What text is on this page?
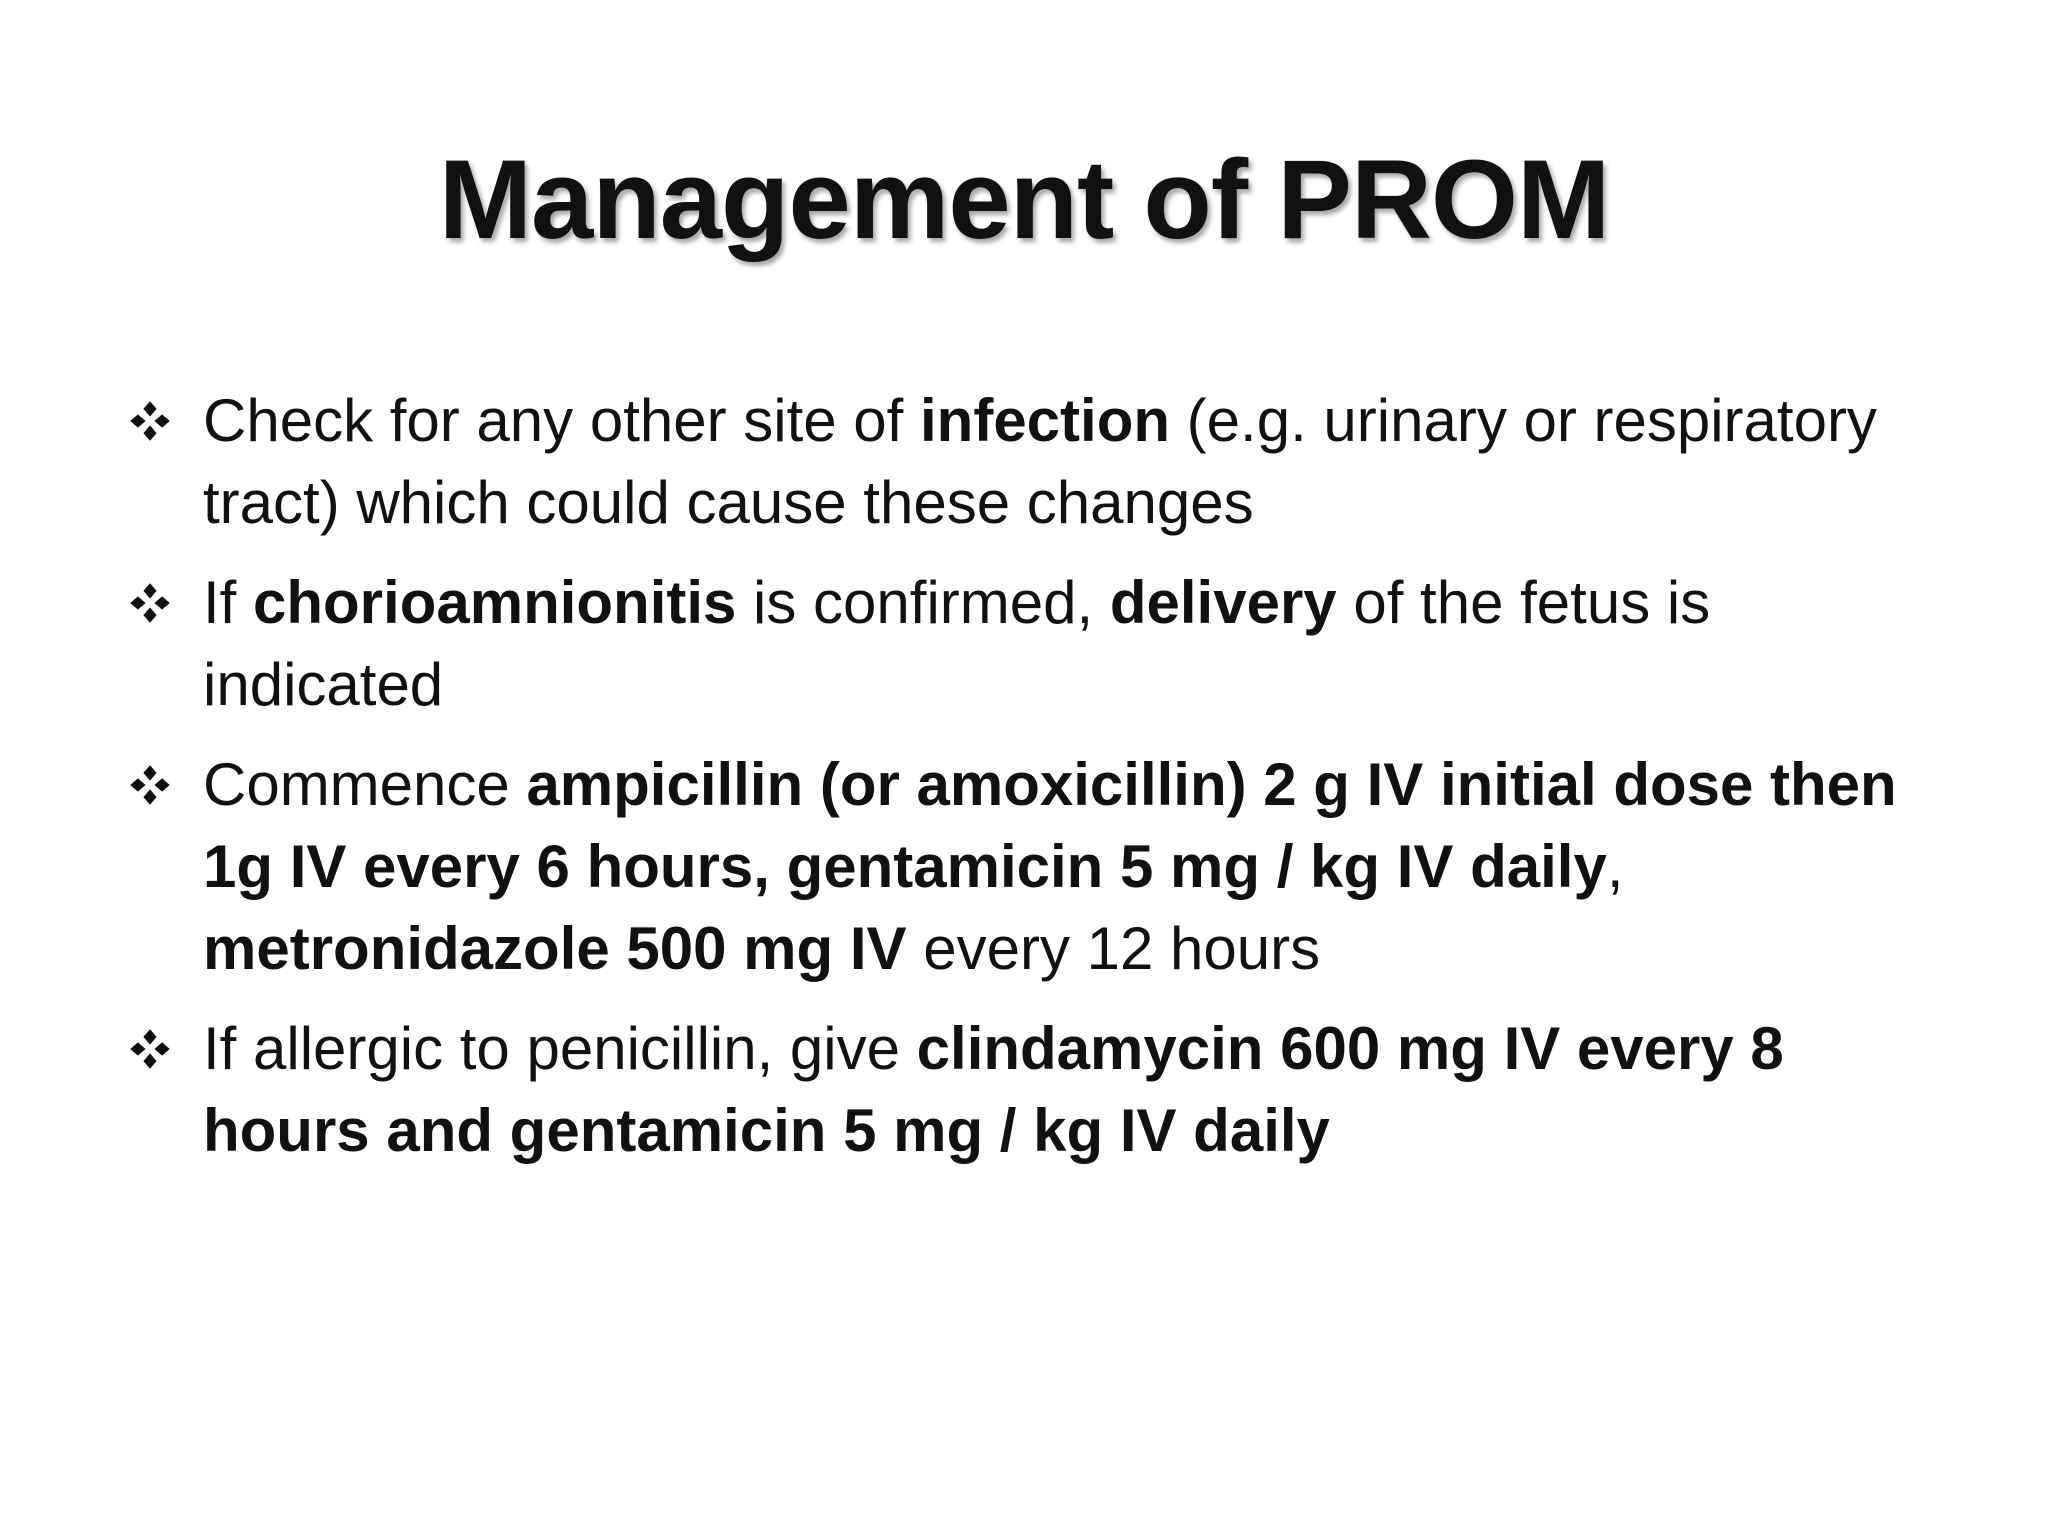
Management of PROM
Check for any other site of infection (e.g. urinary or respiratory tract) which could cause these changes
If chorioamnionitis is confirmed, delivery of the fetus is indicated
Commence ampicillin (or amoxicillin) 2 g IV initial dose then 1g IV every 6 hours, gentamicin 5 mg / kg IV daily, metronidazole 500 mg IV every 12 hours
If allergic to penicillin, give clindamycin 600 mg IV every 8 hours and gentamicin 5 mg / kg IV daily
